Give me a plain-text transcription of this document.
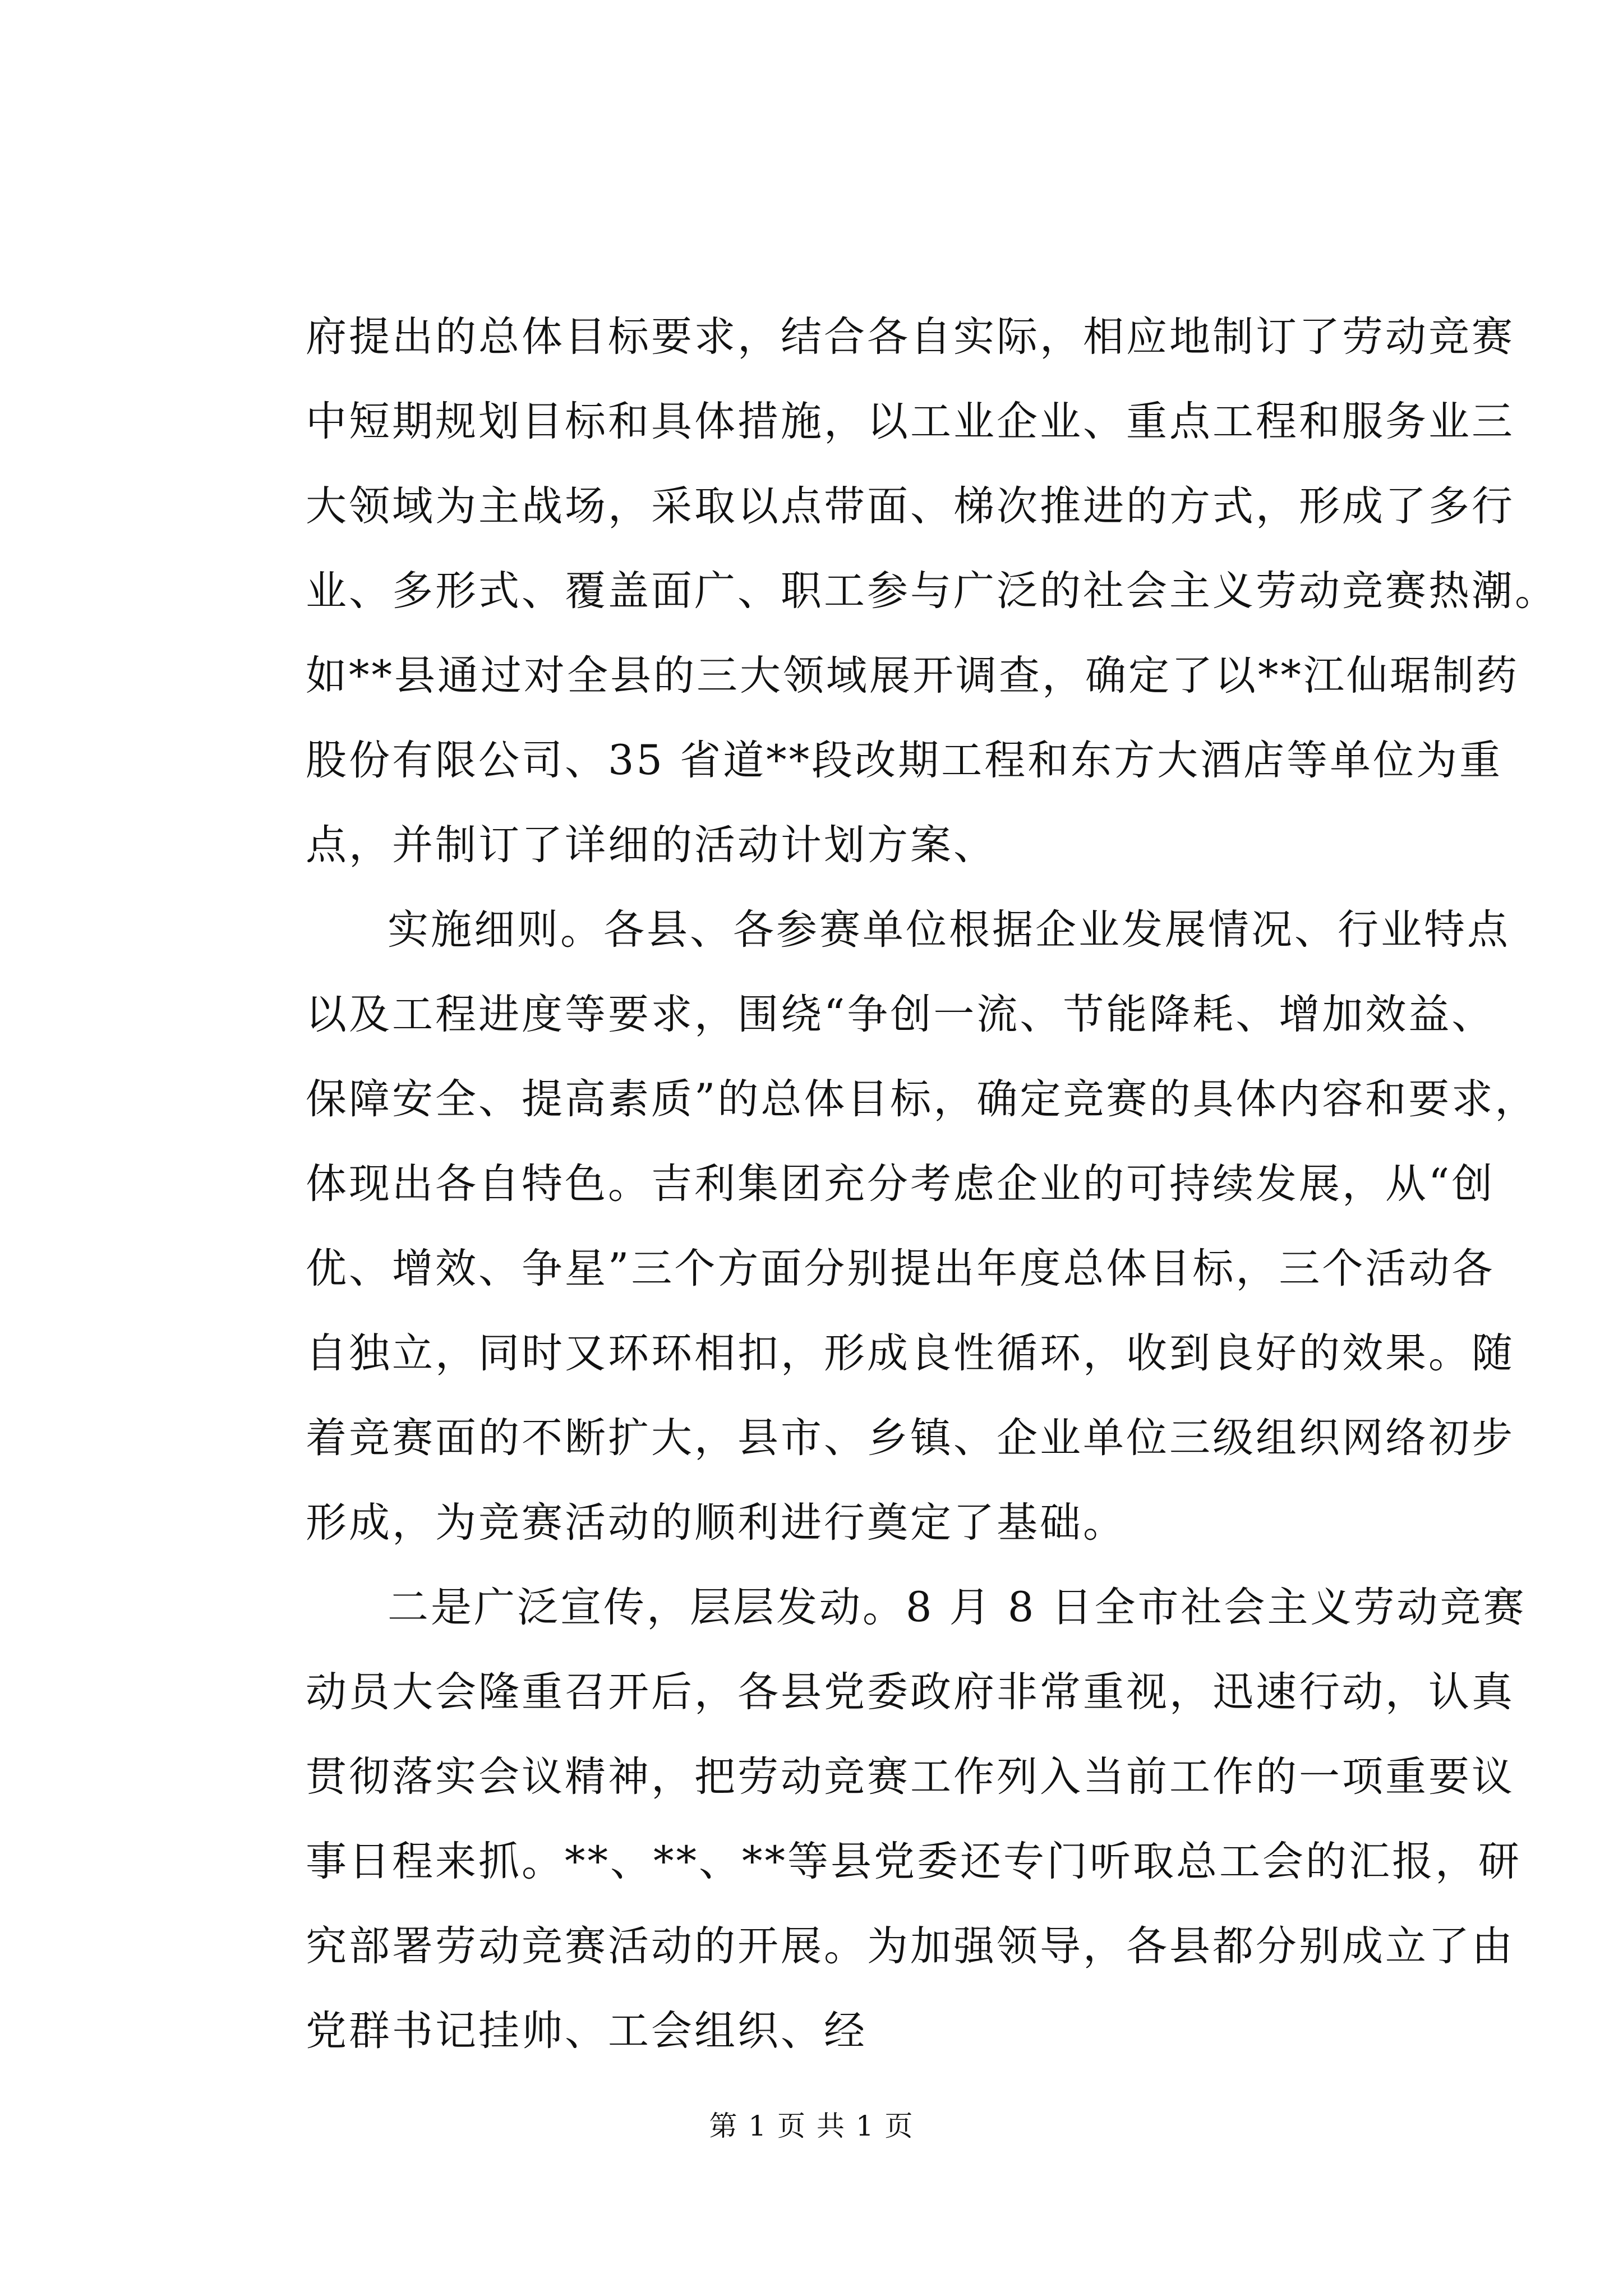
府提出的总体目标要求，结合各自实际，相应地制订了劳动竞赛
中短期规划目标和具体措施，以工业企业、重点工程和服务业三
大领域为主战场，采取以点带面、梯次推进的方式，形成了多行
业、多形式、覆盖面广、职工参与广泛的社会主义劳动竞赛热潮。
如**县通过对全县的三大领域展开调查，确定了以**江仙琚制药
股份有限公司、35 省道**段改期工程和东方大酒店等单位为重
点，并制订了详细的活动计划方案、
实施细则。各县、各参赛单位根据企业发展情况、行业特点
以及工程进度等要求，围绕“争创一流、节能降耗、增加效益、
保障安全、提高素质”的总体目标，确定竞赛的具体内容和要求，
体现出各自特色。吉利集团充分考虑企业的可持续发展，从“创
优、增效、争星”三个方面分别提出年度总体目标，三个活动各
自独立，同时又环环相扣，形成良性循环，收到良好的效果。随
着竞赛面的不断扩大，县市、乡镇、企业单位三级组织网络初步
形成，为竞赛活动的顺利进行奠定了基础。
二是广泛宣传，层层发动。8 月 8 日全市社会主义劳动竞赛
动员大会隆重召开后，各县党委政府非常重视，迅速行动，认真
贯彻落实会议精神，把劳动竞赛工作列入当前工作的一项重要议
事日程来抓。**、**、**等县党委还专门听取总工会的汇报，研
究部署劳动竞赛活动的开展。为加强领导，各县都分别成立了由
党群书记挂帅、工会组织、经
第 1 页 共 1 页
